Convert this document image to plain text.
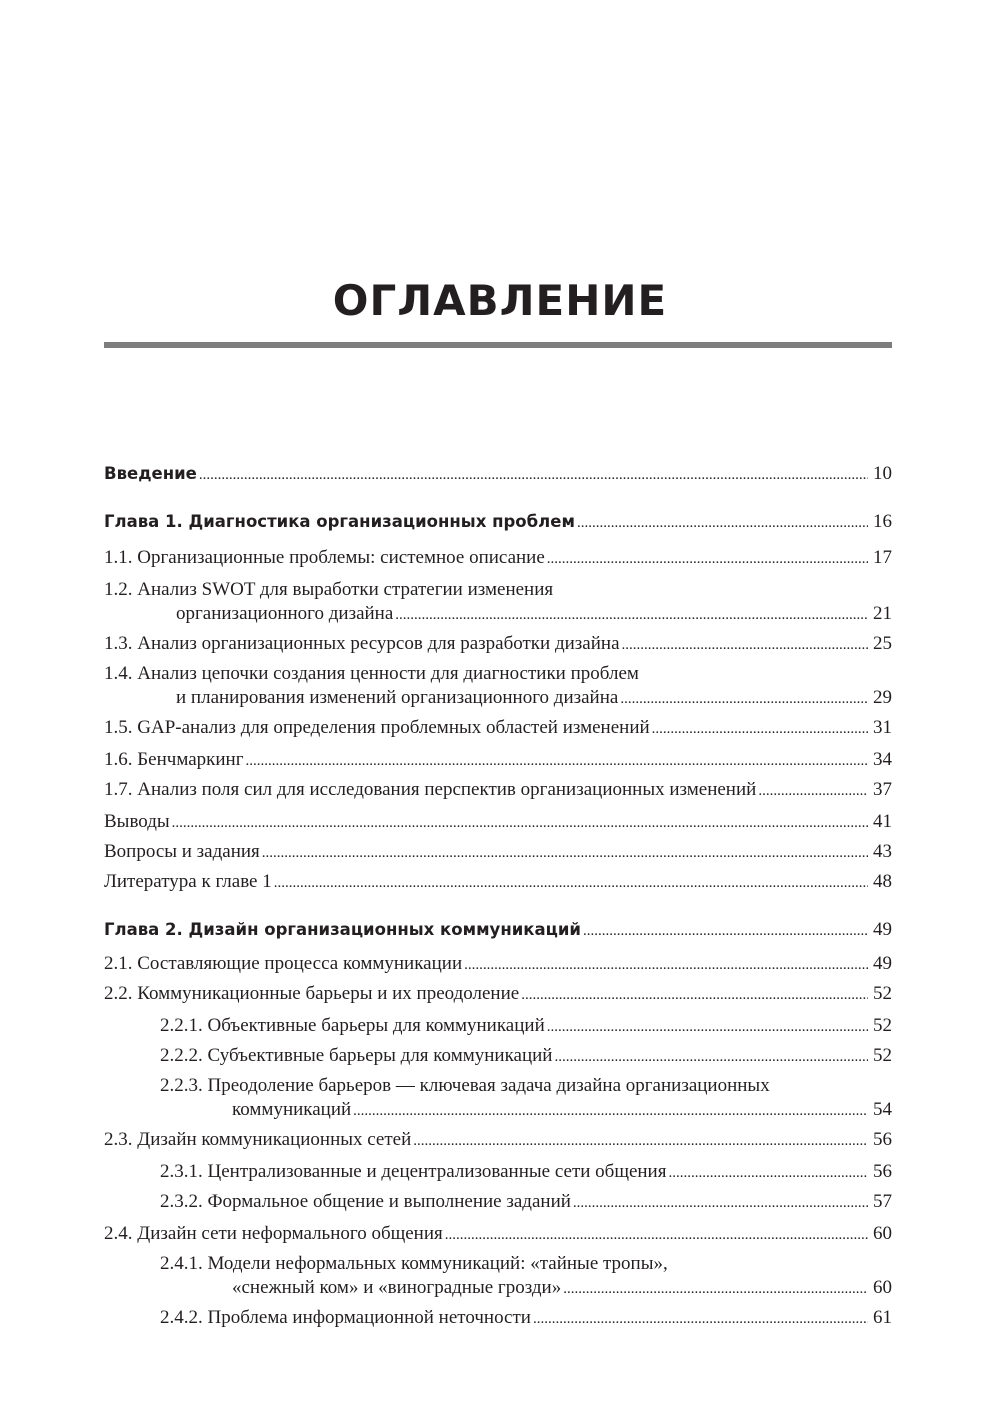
ОГЛАВЛЕНИЕ
Введение .....	10
Глава 1. Диагностика организационных проблем .....	16
1.1. Организационные проблемы: системное описание .....	17
1.2. Анализ SWOT для выработки стратегии изменения
организационного дизайна .....	21
1.3. Анализ организационных ресурсов для разработки дизайна .....	25
1.4. Анализ цепочки создания ценности для диагностики проблем
и планирования изменений организационного дизайна .....	29
1.5. GAP-анализ для определения проблемных областей изменений .....	31
1.6. Бенчмаркинг .....	34
1.7. Анализ поля сил для исследования перспектив организационных изменений .....	37
Выводы .....	41
Вопросы и задания .....	43
Литература к главе 1 .....	48
Глава 2. Дизайн организационных коммуникаций .....	49
2.1. Составляющие процесса коммуникации .....	49
2.2. Коммуникационные барьеры и их преодоление .....	52
2.2.1. Объективные барьеры для коммуникаций .....	52
2.2.2. Субъективные барьеры для коммуникаций .....	52
2.2.3. Преодоление барьеров — ключевая задача дизайна организационных
коммуникаций .....	54
2.3. Дизайн коммуникационных сетей .....	56
2.3.1. Централизованные и децентрализованные сети общения .....	56
2.3.2. Формальное общение и выполнение заданий .....	57
2.4. Дизайн сети неформального общения .....	60
2.4.1. Модели неформальных коммуникаций: «тайные тропы»,
«снежный ком» и «виноградные грозди» .....	60
2.4.2. Проблема информационной неточности .....	61
